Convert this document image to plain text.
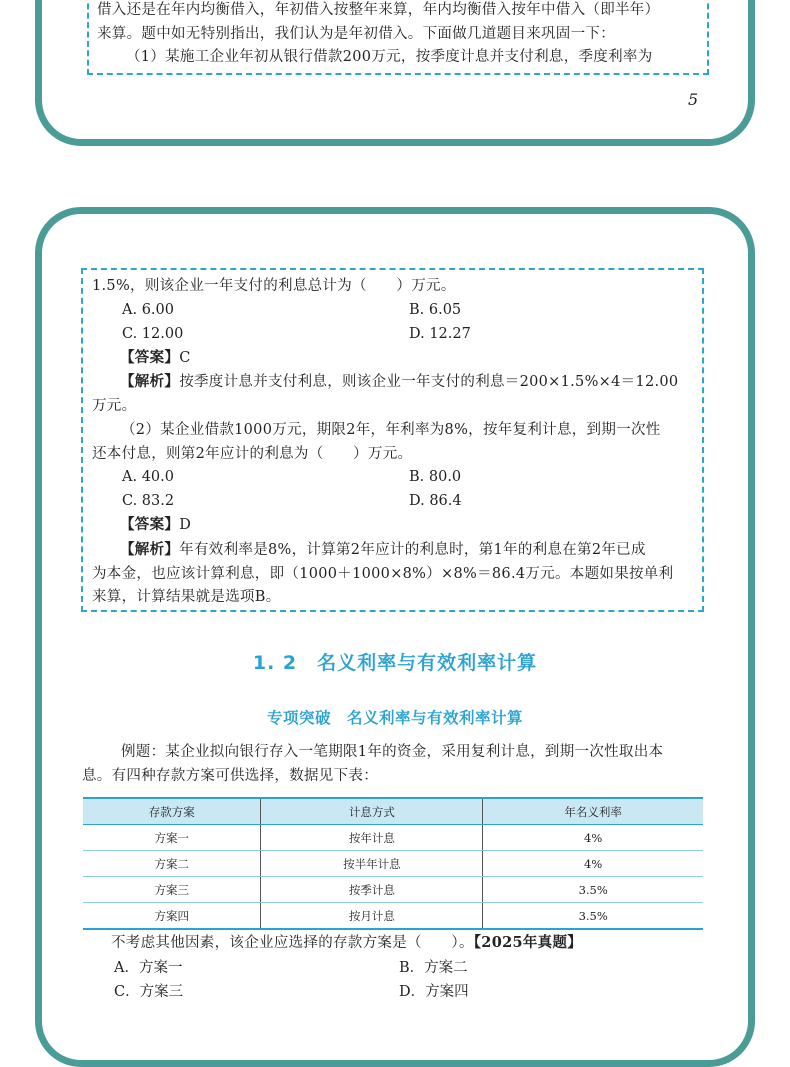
借入还是在年内均衡借入，年初借入按整年来算，年内均衡借入按年中借入（即半年）
来算。题中如无特别指出，我们认为是年初借入。下面做几道题目来巩固一下：
（1）某施工企业年初从银行借款200万元，按季度计息并支付利息，季度利率为
5
1.5%，则该企业一年支付的利息总计为（　　）万元。
A. 6.00	B. 6.05
C. 12.00	D. 12.27
【答案】C
【解析】按季度计息并支付利息，则该企业一年支付的利息＝200×1.5%×4＝12.00
万元。
（2）某企业借款1000万元，期限2年，年利率为8%，按年复利计息，到期一次性
还本付息，则第2年应计的利息为（　　）万元。
A. 40.0	B. 80.0
C. 83.2	D. 86.4
【答案】D
【解析】年有效利率是8%，计算第2年应计的利息时，第1年的利息在第2年已成
为本金，也应该计算利息，即（1000＋1000×8%）×8%＝86.4万元。本题如果按单利
来算，计算结果就是选项B。
1. 2　名义利率与有效利率计算
专项突破　名义利率与有效利率计算
例题：某企业拟向银行存入一笔期限1年的资金，采用复利计息，到期一次性取出本
息。有四种存款方案可供选择，数据见下表：
存款方案	计息方式	年名义利率
方案一	按年计息	4%
方案二	按半年计息	4%
方案三	按季计息	3.5%
方案四	按月计息	3.5%
不考虑其他因素，该企业应选择的存款方案是（　　）。【2025年真题】
A．方案一	B．方案二
C．方案三	D．方案四
